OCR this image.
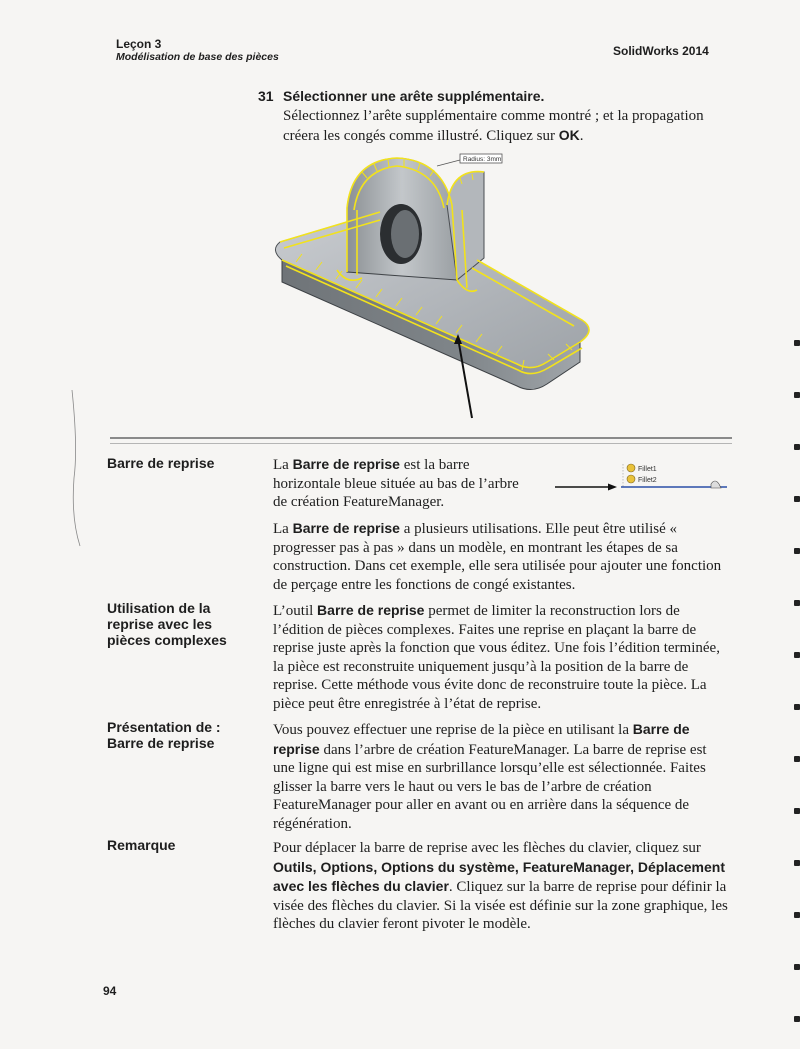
Leçon 3
Modélisation de base des pièces	SolidWorks 2014
31 Sélectionner une arête supplémentaire.
Sélectionnez l’arête supplémentaire comme montré ; et la propagation créera les congés comme illustré. Cliquez sur OK.
Radius: 3mm
Barre de reprise
Utilisation de la
reprise avec les
pièces complexes
Présentation de :
Barre de reprise
Remarque
La Barre de reprise est la barre
horizontale bleue située au bas de l’arbre
de création FeatureManager.
Fillet1
Fillet2
La Barre de reprise a plusieurs utilisations. Elle peut être utilisé « progresser pas à pas » dans un modèle, en montrant les étapes de sa construction. Dans cet exemple, elle sera utilisée pour ajouter une fonction de perçage entre les fonctions de congé existantes.
L’outil Barre de reprise permet de limiter la reconstruction lors de l’édition de pièces complexes. Faites une reprise en plaçant la barre de reprise juste après la fonction que vous éditez. Une fois l’édition terminée, la pièce est reconstruite uniquement jusqu’à la position de la barre de reprise. Cette méthode vous évite donc de reconstruire toute la pièce. La pièce peut être enregistrée à l’état de reprise.
Vous pouvez effectuer une reprise de la pièce en utilisant la Barre de reprise dans l’arbre de création FeatureManager. La barre de reprise est une ligne qui est mise en surbrillance lorsqu’elle est sélectionnée. Faites glisser la barre vers le haut ou vers le bas de l’arbre de création FeatureManager pour aller en avant ou en arrière dans la séquence de régénération.
Pour déplacer la barre de reprise avec les flèches du clavier, cliquez sur Outils, Options, Options du système, FeatureManager, Déplacement avec les flèches du clavier. Cliquez sur la barre de reprise pour définir la visée des flèches du clavier. Si la visée est définie sur la zone graphique, les flèches du clavier feront pivoter le modèle.
94
